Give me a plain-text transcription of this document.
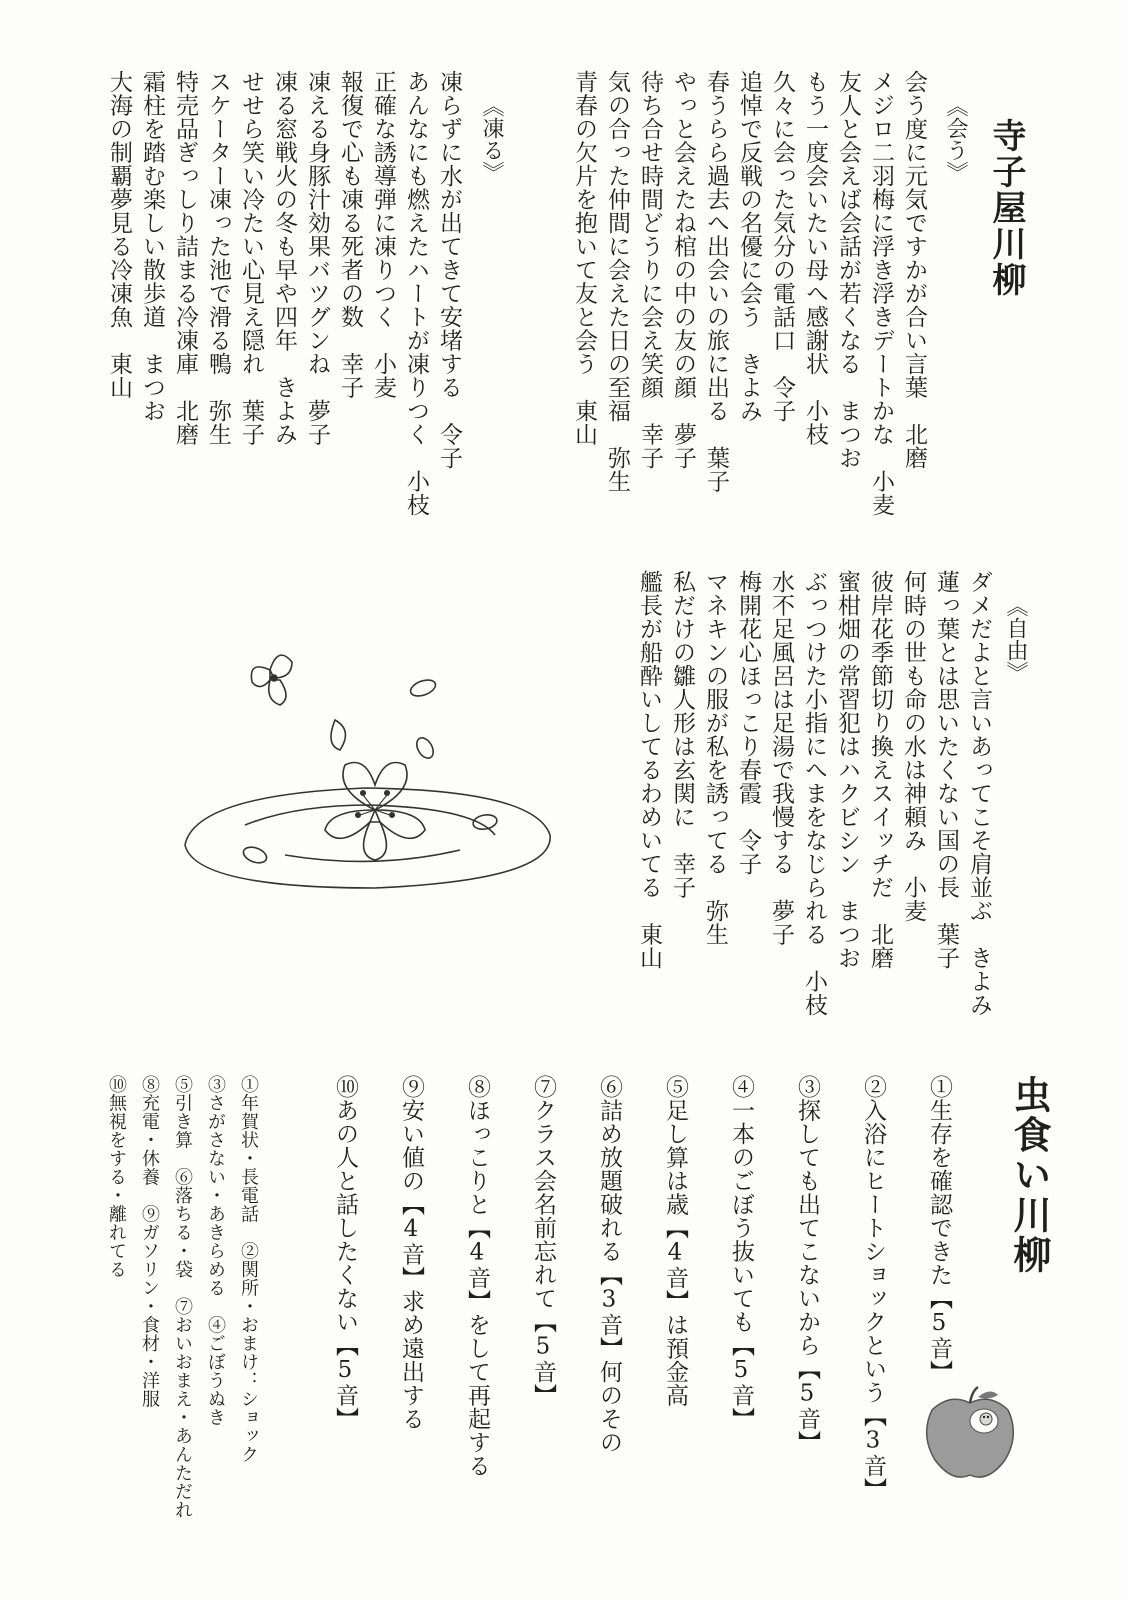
寺子屋川柳
《会う》
会う度に元気ですかが合い言葉　北磨
メジロ二羽梅に浮き浮きデートかな　小麦
友人と会えば会話が若くなる　まつお
もう一度会いたい母へ感謝状　小枝
久々に会った気分の電話口　令子
追悼で反戦の名優に会う　きよみ
春うらら過去へ出会いの旅に出る　葉子
やっと会えたね棺の中の友の顔　夢子
待ち合せ時間どうりに会え笑顔　幸子
気の合った仲間に会えた日の至福　弥生
青春の欠片を抱いて友と会う　東山
《凍る》
凍らずに水が出てきて安堵する　令子
あんなにも燃えたハートが凍りつく　小枝
正確な誘導弾に凍りつく　小麦
報復で心も凍る死者の数　幸子
凍える身豚汁効果バツグンね　夢子
凍る窓戦火の冬も早や四年　きよみ
せせら笑い冷たい心見え隠れ　葉子
スケーター凍った池で滑る鴨　弥生
特売品ぎっしり詰まる冷凍庫　北磨
霜柱を踏む楽しい散歩道　まつお
大海の制覇夢見る冷凍魚　東山
《自由》
ダメだよと言いあってこそ肩並ぶ　きよみ
蓮っ葉とは思いたくない国の長　葉子
何時の世も命の水は神頼み　小麦
彼岸花季節切り換えスイッチだ　北磨
蜜柑畑の常習犯はハクビシン　まつお
ぶっつけた小指にへまをなじられる　小枝
水不足風呂は足湯で我慢する　夢子
梅開花心ほっこり春霞　令子
マネキンの服が私を誘ってる　弥生
私だけの雛人形は玄関に　幸子
艦長が船酔いしてるわめいてる　東山
虫食い川柳
①生存を確認できた【5音】
②入浴にヒートショックという【3音】
③探しても出てこないから【5音】
④一本のごぼう抜いても【5音】
⑤足し算は歳【4音】は預金高
⑥詰め放題破れる【3音】何のその
⑦クラス会名前忘れて【5音】
⑧ほっこりと【4音】をして再起する
⑨安い値の【4音】求め遠出する
⑩あの人と話したくない【5音】
①年賀状・長電話　②関所・おまけ：ショック
③さがさない・あきらめる　④ごぼうぬき
⑤引き算　⑥落ちる・袋　⑦おいおまえ・あんただれ
⑧充電・休養　⑨ガソリン・食材・洋服
⑩無視をする・離れてる
